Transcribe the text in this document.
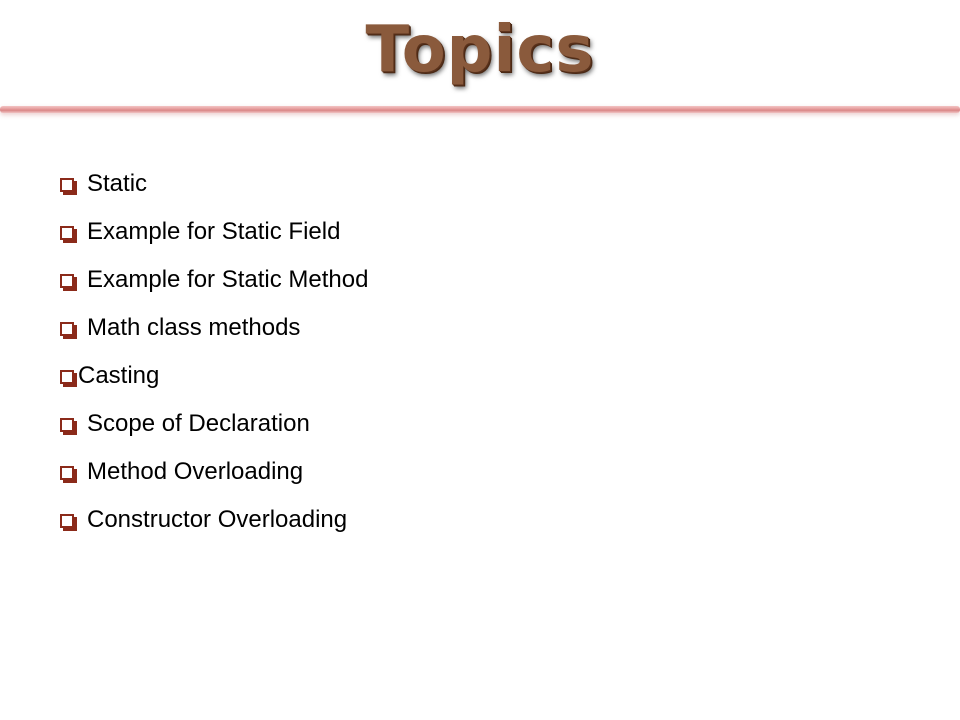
Topics
Static
Example for Static Field
Example for Static Method
Math class methods
Casting
Scope of Declaration
Method Overloading
Constructor Overloading
